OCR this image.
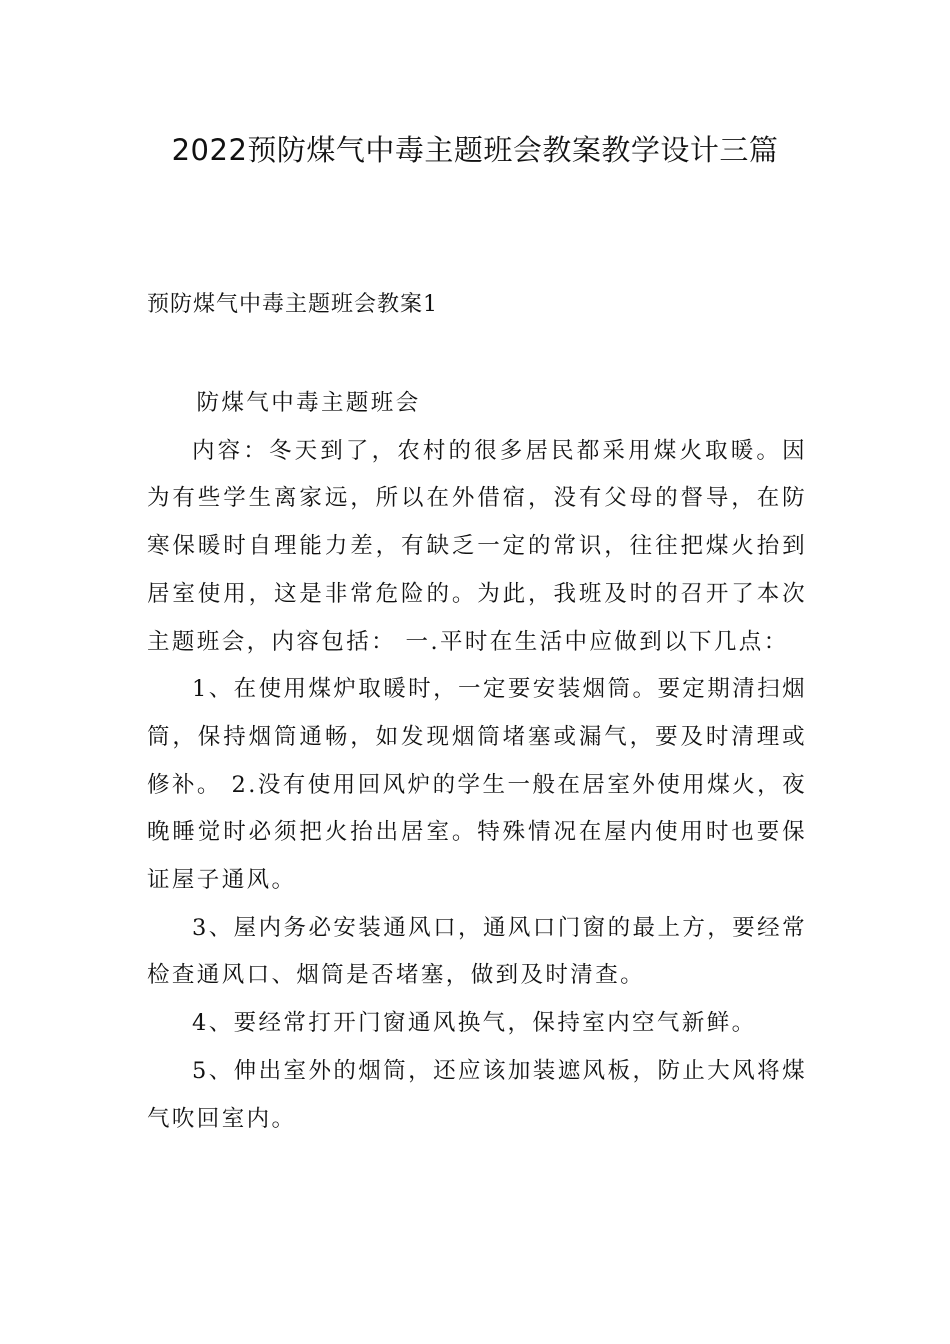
2022预防煤气中毒主题班会教案教学设计三篇
预防煤气中毒主题班会教案1

防煤气中毒主题班会

内容：冬天到了，农村的很多居民都采用煤火取暖。因为有些学生离家远，所以在外借宿，没有父母的督导，在防寒保暖时自理能力差，有缺乏一定的常识，往往把煤火抬到居室使用，这是非常危险的。为此，我班及时的召开了本次主题班会，内容包括： 一.平时在生活中应做到以下几点：

1、在使用煤炉取暖时，一定要安装烟筒。要定期清扫烟筒，保持烟筒通畅，如发现烟筒堵塞或漏气，要及时清理或修补。 2.没有使用回风炉的学生一般在居室外使用煤火，夜晚睡觉时必须把火抬出居室。特殊情况在屋内使用时也要保证屋子通风。

3、屋内务必安装通风口，通风口门窗的最上方，要经常检查通风口、烟筒是否堵塞，做到及时清查。

4、要经常打开门窗通风换气，保持室内空气新鲜。

5、伸出室外的烟筒，还应该加装遮风板，防止大风将煤气吹回室内。
